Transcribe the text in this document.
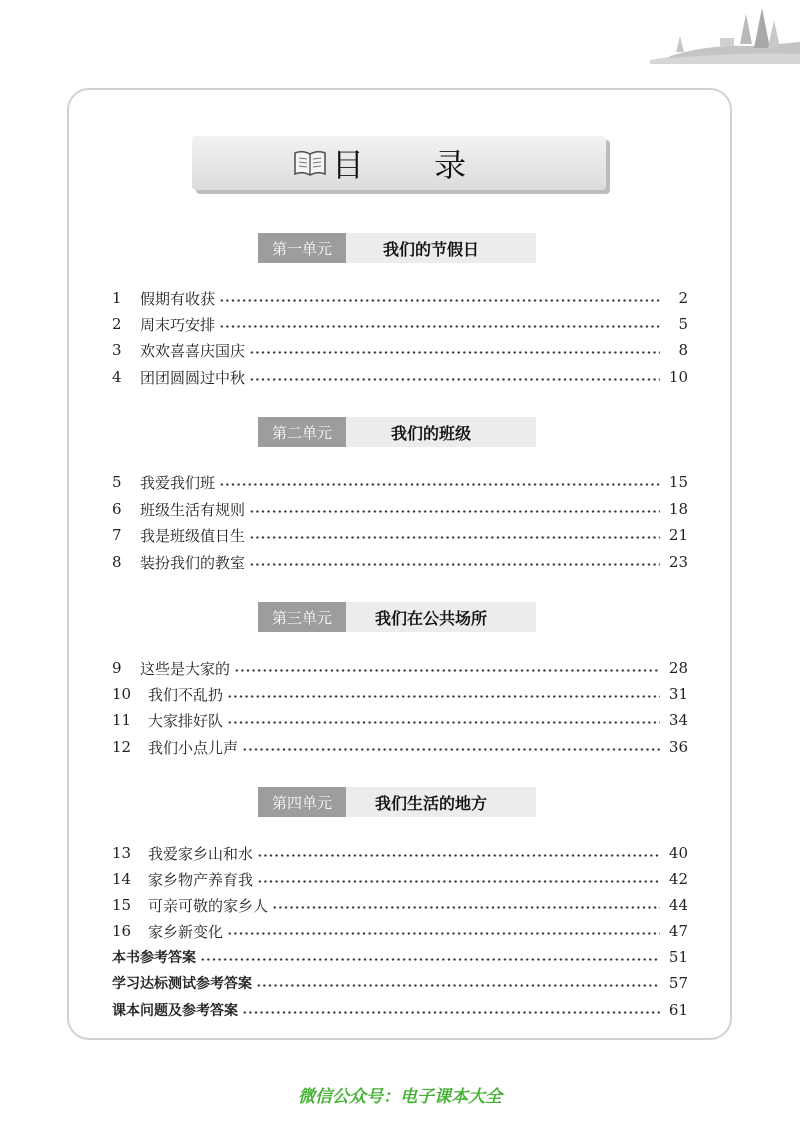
目 录
第一单元	我们的节假日
1	假期有收获	2
2	周末巧安排	5
3	欢欢喜喜庆国庆	8
4	团团圆圆过中秋	10
第二单元	我们的班级
5	我爱我们班	15
6	班级生活有规则	18
7	我是班级值日生	21
8	装扮我们的教室	23
第三单元	我们在公共场所
9	这些是大家的	28
10	我们不乱扔	31
11	大家排好队	34
12	我们小点儿声	36
第四单元	我们生活的地方
13	我爱家乡山和水	40
14	家乡物产养育我	42
15	可亲可敬的家乡人	44
16	家乡新变化	47
本书参考答案	51
学习达标测试参考答案	57
课本问题及参考答案	61
微信公众号：电子课本大全
